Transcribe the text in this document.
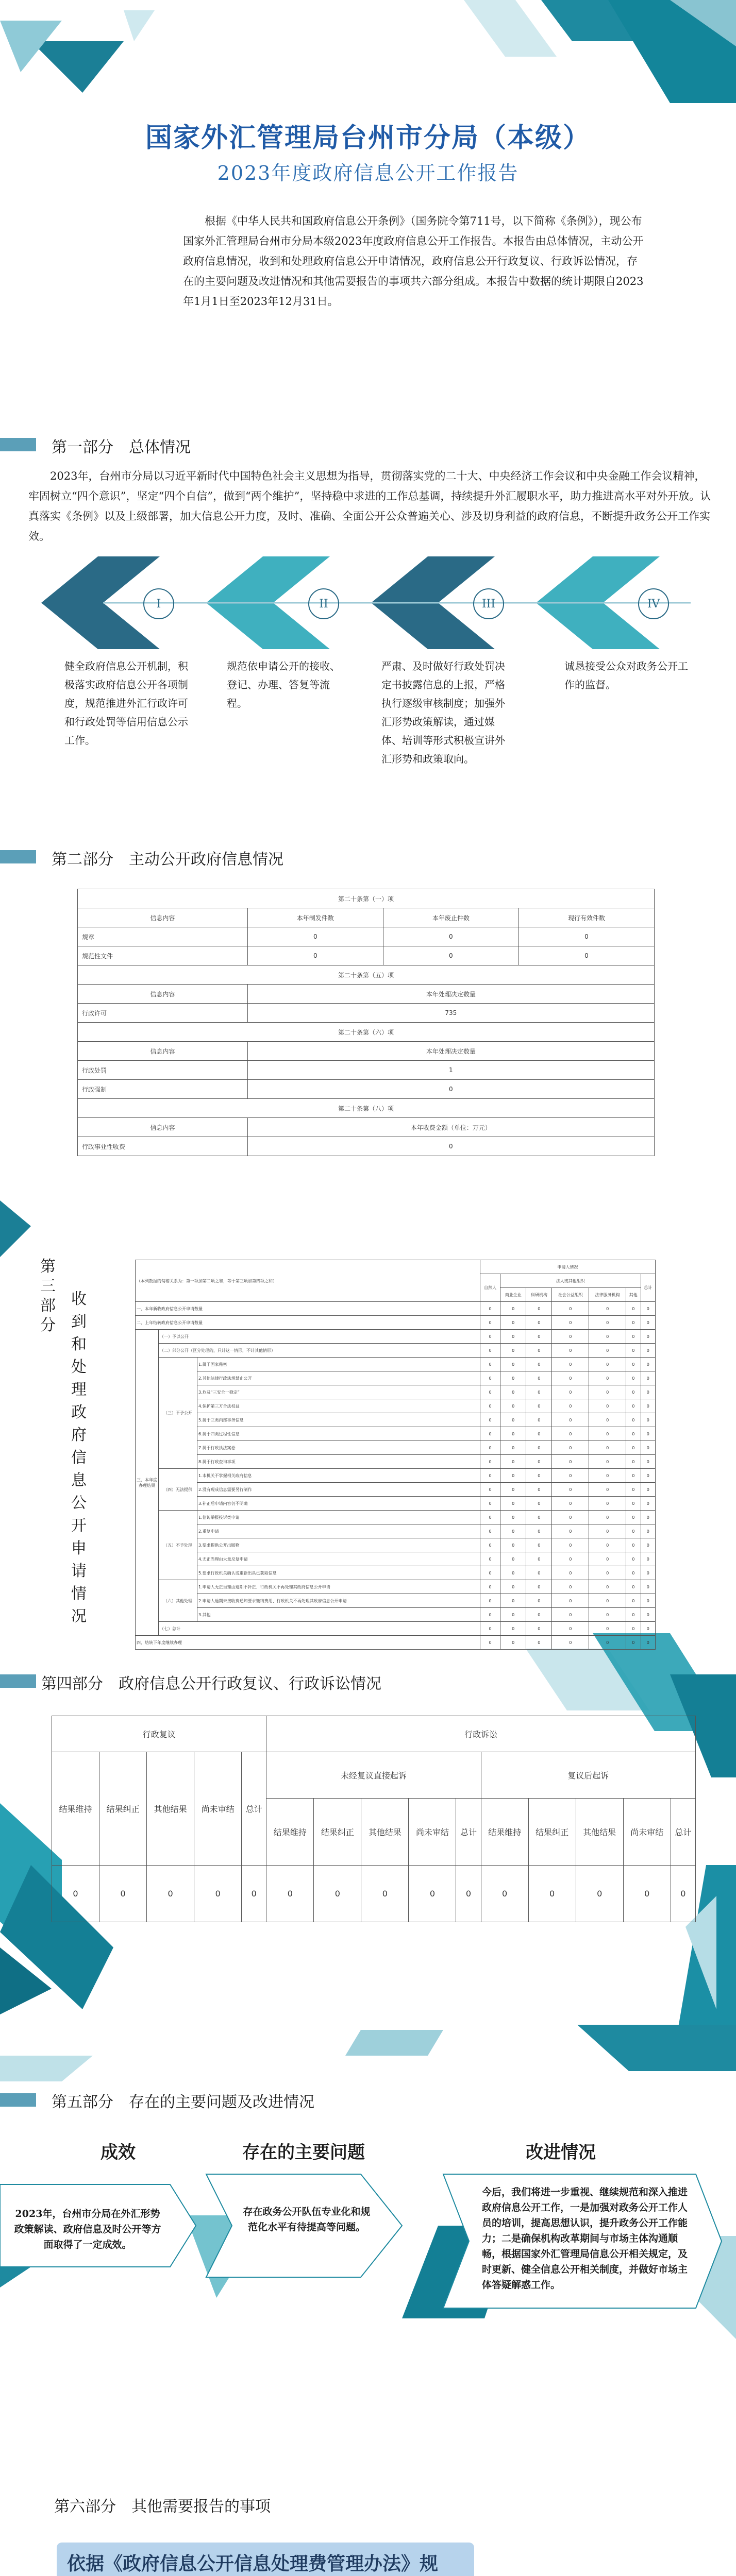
国家外汇管理局台州市分局（本级）
2023年度政府信息公开工作报告
根据《中华人民共和国政府信息公开条例》（国务院令第711号，以下简称《条例》），现公布国家外汇管理局台州市分局本级2023年度政府信息公开工作报告。本报告由总体情况，主动公开政府信息情况，收到和处理政府信息公开申请情况，政府信息公开行政复议、行政诉讼情况，存在的主要问题及改进情况和其他需要报告的事项共六部分组成。本报告中数据的统计期限自2023年1月1日至2023年12月31日。
第一部分　总体情况
2023年，台州市分局以习近平新时代中国特色社会主义思想为指导，贯彻落实党的二十大、中央经济工作会议和中央金融工作会议精神，牢固树立“四个意识”，坚定“四个自信”，做到“两个维护”，坚持稳中求进的工作总基调，持续提升外汇履职水平，助力推进高水平对外开放。认真落实《条例》以及上级部署，加大信息公开力度，及时、准确、全面公开公众普遍关心、涉及切身利益的政府信息，不断提升政务公开工作实效。
I	II	III	IV
健全政府信息公开机制，积极落实政府信息公开各项制度，规范推进外汇行政许可和行政处罚等信用信息公示工作。
规范依申请公开的接收、登记、办理、答复等流程。
严肃、及时做好行政处罚决定书披露信息的上报，严格执行逐级审核制度；加强外汇形势政策解读，通过媒体、培训等形式积极宣讲外汇形势和政策取向。
诚恳接受公众对政务公开工作的监督。
第二部分　主动公开政府信息情况
第二十条第（一）项			
信息内容	本年制发件数	本年废止件数	现行有效件数
规章	0	0	0
规范性文件	0	0	0
第二十条第（五）项			
信息内容	本年处理决定数量		
行政许可	735		
第二十条第（六）项			
信息内容	本年处理决定数量		
行政处罚	1		
行政强制	0		
第二十条第（八）项			
信息内容	本年收费金额（单位：万元）		
行政事业性收费	0		
第三部分
收到和处理政府信息公开申请情况
（本列数据的勾稽关系为：第一项加第二项之和，等于第三项加第四项之和）			申请人情况						
			自然人	法人或其他组织					总计
				商业企业	科研机构	社会公益组织	法律服务机构	其他	
一、本年新收政府信息公开申请数量			0	0	0	0	0	0	0
二、上年结转政府信息公开申请数量			0	0	0	0	0	0	0
三、本年度办理结果	（一）予以公开		0	0	0	0	0	0	0
	（二）部分公开（区分处理的，只计这一情形，不计其他情形）		0	0	0	0	0	0	0
	（三）不予公开	1.属于国家秘密	0	0	0	0	0	0	0
		2.其他法律行政法规禁止公开	0	0	0	0	0	0	0
		3.危及“三安全一稳定”	0	0	0	0	0	0	0
		4.保护第三方合法权益	0	0	0	0	0	0	0
		5.属于三类内部事务信息	0	0	0	0	0	0	0
		6.属于四类过程性信息	0	0	0	0	0	0	0
		7.属于行政执法案卷	0	0	0	0	0	0	0
		8.属于行政查询事项	0	0	0	0	0	0	0
	（四）无法提供	1.本机关不掌握相关政府信息	0	0	0	0	0	0	0
		2.没有现成信息需要另行制作	0	0	0	0	0	0	0
		3.补正后申请内容仍不明确	0	0	0	0	0	0	0
	（五）不予处理	1.信访举报投诉类申请	0	0	0	0	0	0	0
		2.重复申请	0	0	0	0	0	0	0
		3.要求提供公开出版物	0	0	0	0	0	0	0
		4.无正当理由大量反复申请	0	0	0	0	0	0	0
		5.要求行政机关确认或重新出具已获取信息	0	0	0	0	0	0	0
	（六）其他处理	1.申请人无正当理由逾期不补正、行政机关不再处理其政府信息公开申请	0	0	0	0	0	0	0
		2.申请人逾期未按收费通知要求缴纳费用、行政机关不再处理其政府信息公开申请	0	0	0	0	0	0	0
		3.其他	0	0	0	0	0	0	0
	（七）总计		0	0	0	0	0	0	0
四、结转下年度继续办理			0	0	0	0	0	0	0
第四部分　政府信息公开行政复议、行政诉讼情况
行政复议					行政诉讼									
结果维持	结果纠正	其他结果	尚未审结	总计	未经复议直接起诉					复议后起诉				
					结果维持	结果纠正	其他结果	尚未审结	总计	结果维持	结果纠正	其他结果	尚未审结	总计
0	0	0	0	0	0	0	0	0	0	0	0	0	0	0
第五部分　存在的主要问题及改进情况
成效	存在的主要问题	改进情况
2023年，台州市分局在外汇形势政策解读、政府信息及时公开等方面取得了一定成效。
存在政务公开队伍专业化和规范化水平有待提高等问题。
今后，我们将进一步重视、继续规范和深入推进政府信息公开工作，一是加强对政务公开工作人员的培训，提高思想认识，提升政务公开工作能力；二是确保机构改革期间与市场主体沟通顺畅，根据国家外汇管理局信息公开相关规定，及时更新、健全信息公开相关制度，并做好市场主体答疑解惑工作。
第六部分　其他需要报告的事项
依据《政府信息公开信息处理费管理办法》规
